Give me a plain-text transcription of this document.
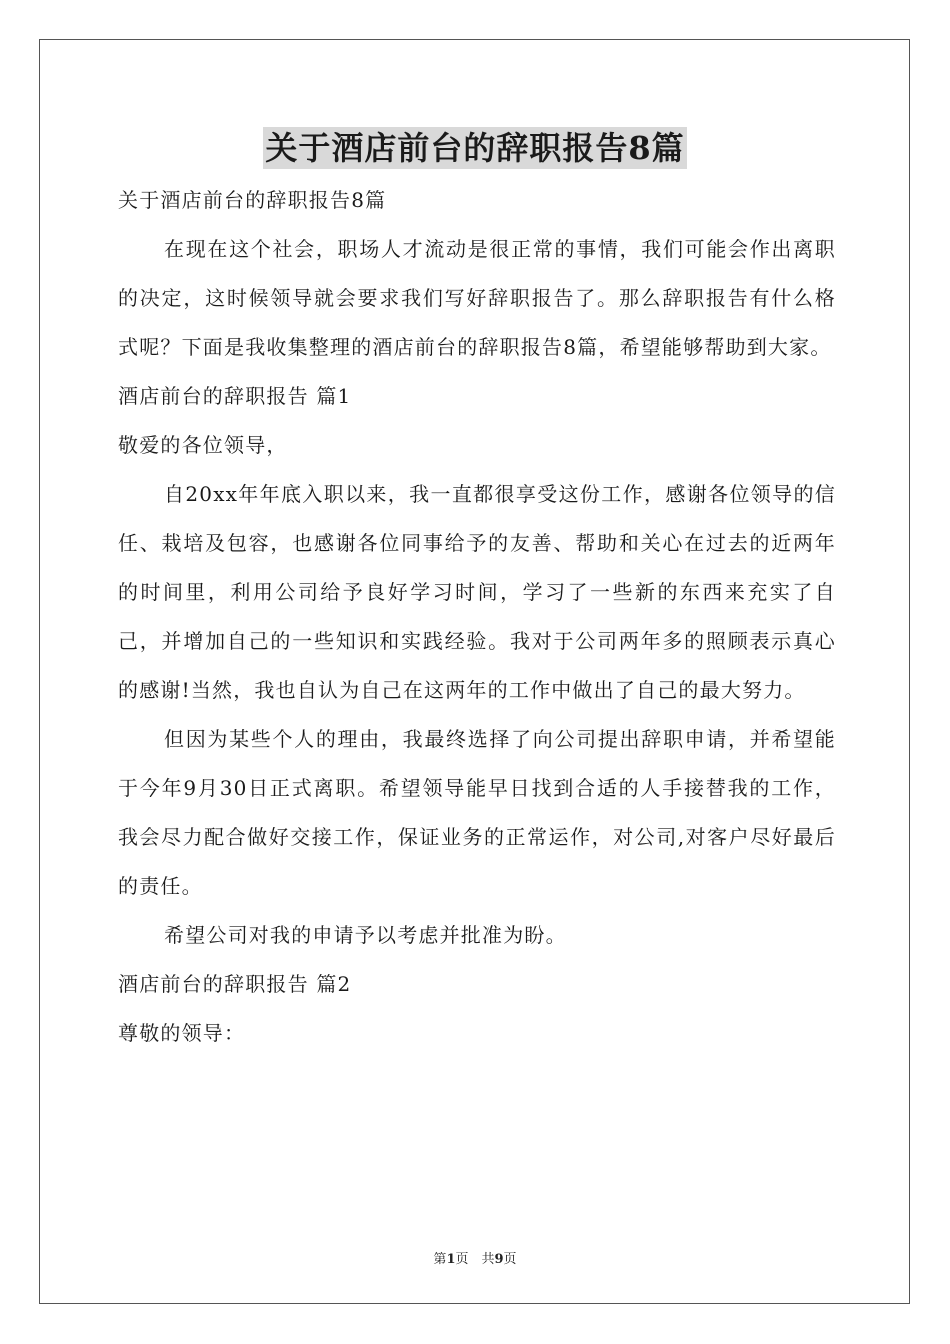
关于酒店前台的辞职报告8篇

关于酒店前台的辞职报告8篇

在现在这个社会，职场人才流动是很正常的事情，我们可能会作出离职的决定，这时候领导就会要求我们写好辞职报告了。那么辞职报告有什么格式呢？下面是我收集整理的酒店前台的辞职报告8篇，希望能够帮助到大家。

酒店前台的辞职报告 篇1

敬爱的各位领导，

自20xx年年底入职以来，我一直都很享受这份工作，感谢各位领导的信任、栽培及包容，也感谢各位同事给予的友善、帮助和关心在过去的近两年的时间里，利用公司给予良好学习时间，学习了一些新的东西来充实了自己，并增加自己的一些知识和实践经验。我对于公司两年多的照顾表示真心的感谢!当然，我也自认为自己在这两年的工作中做出了自己的最大努力。

但因为某些个人的理由，我最终选择了向公司提出辞职申请，并希望能于今年9月30日正式离职。希望领导能早日找到合适的人手接替我的工作，我会尽力配合做好交接工作，保证业务的正常运作，对公司,对客户尽好最后的责任。

希望公司对我的申请予以考虑并批准为盼。

酒店前台的辞职报告 篇2

尊敬的领导：

第1页　共9页
